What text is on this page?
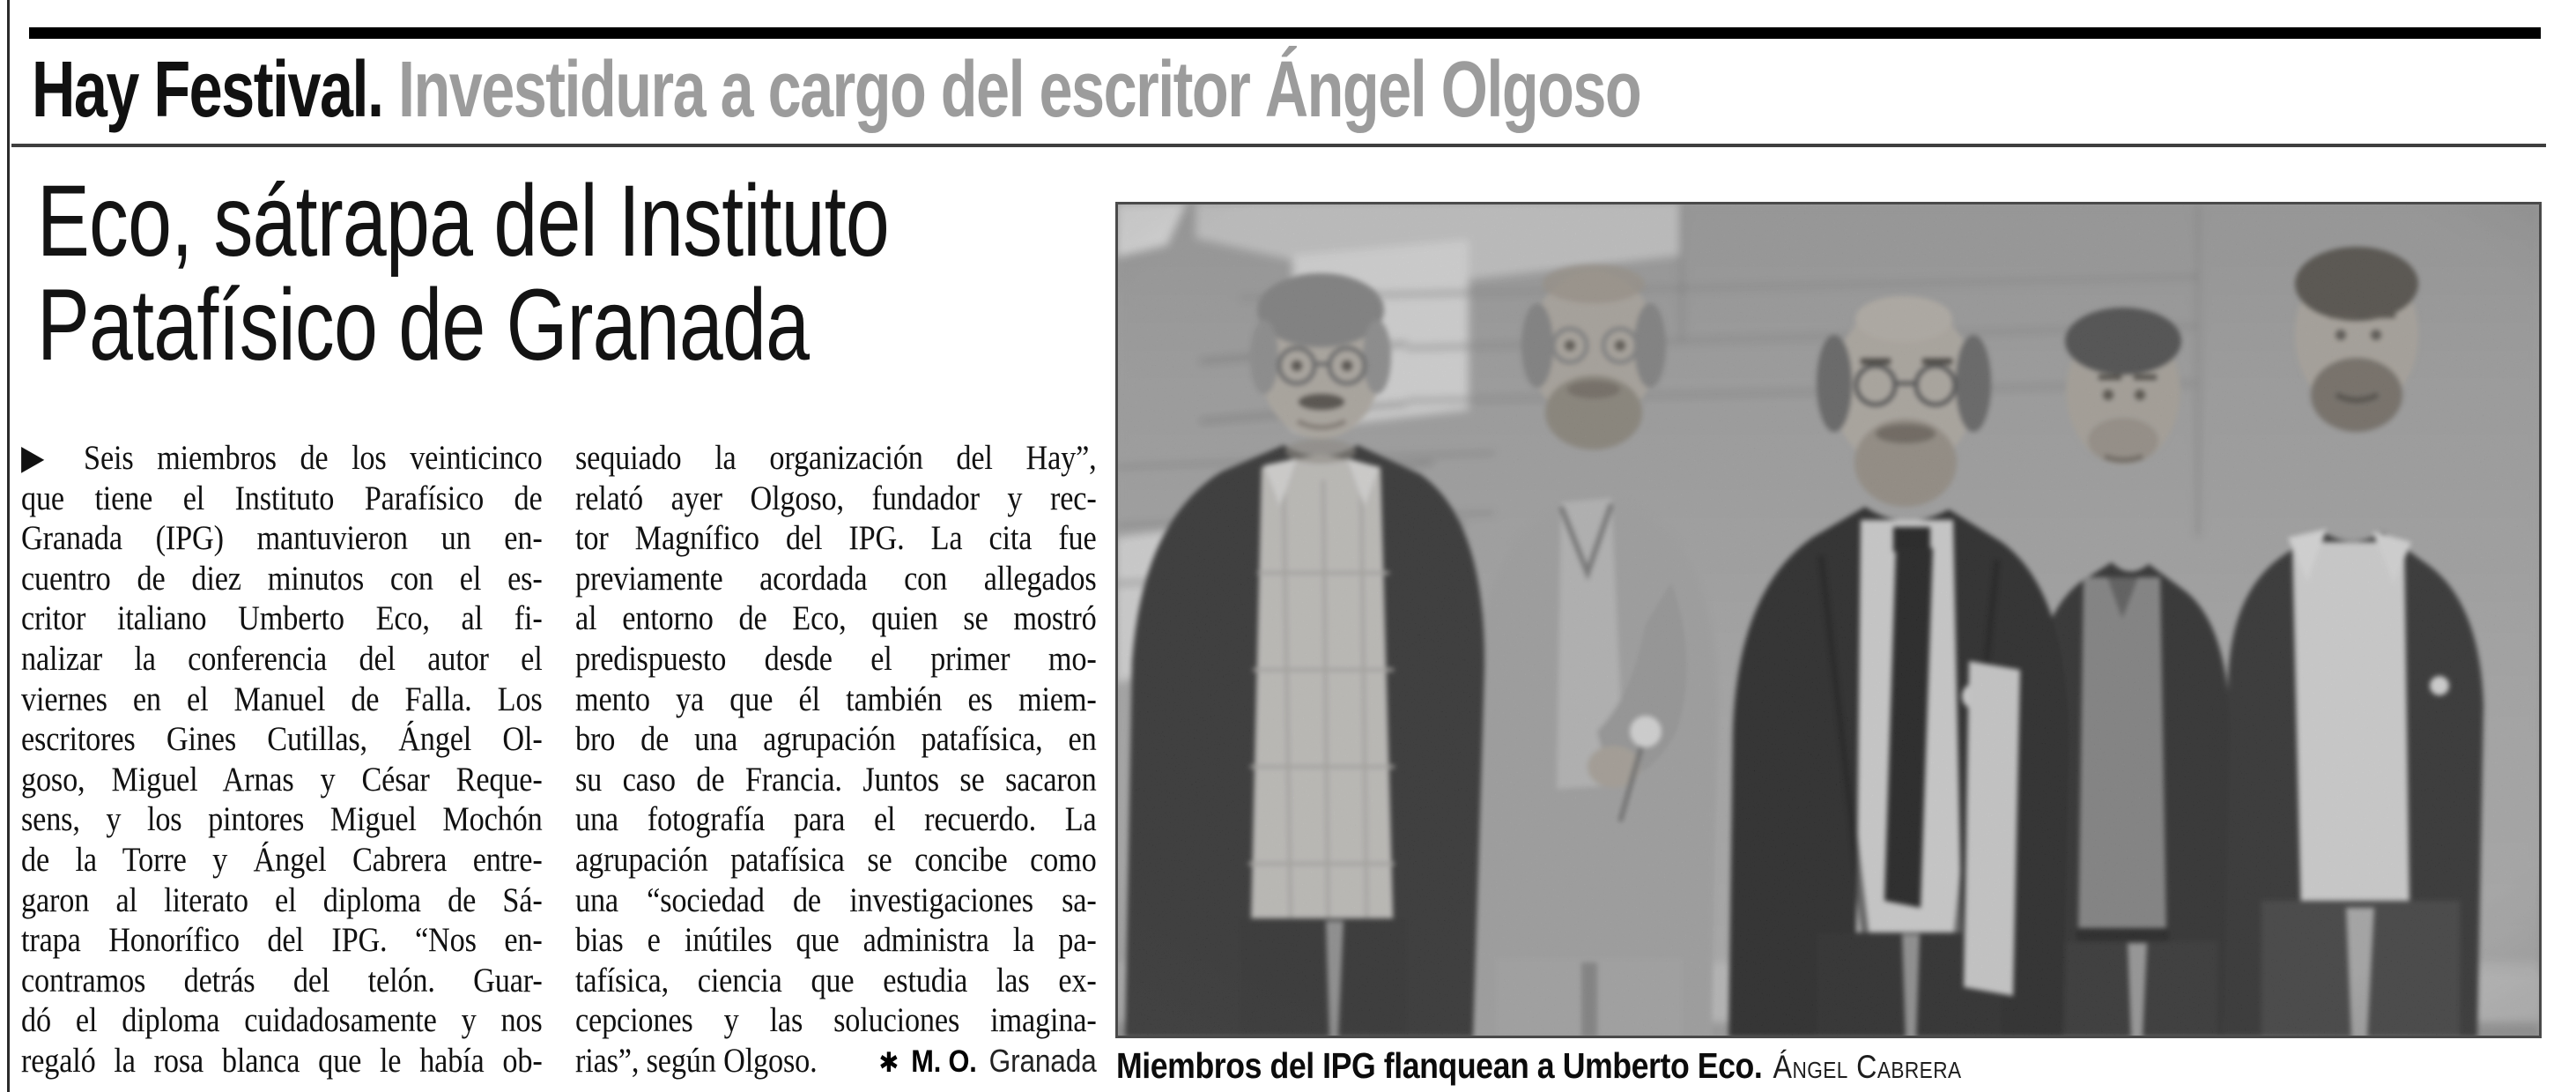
Hay Festival. Investidura a cargo del escritor Ángel Olgoso
Eco, sátrapa del Instituto
Patafísico de Granada
▶ Seis miembros de los veinticinco
que tiene el Instituto Parafísico de
Granada (IPG) mantuvieron un en-
cuentro de diez minutos con el es-
critor italiano Umberto Eco, al fi-
nalizar la conferencia del autor el
viernes en el Manuel de Falla. Los
escritores Gines Cutillas, Ángel Ol-
goso, Miguel Arnas y César Reque-
sens, y los pintores Miguel Mochón
de la Torre y Ángel Cabrera entre-
garon al literato el diploma de Sá-
trapa Honorífico del IPG. “Nos en-
contramos detrás del telón. Guar-
dó el diploma cuidadosamente y nos
regaló la rosa blanca que le había ob-
sequiado la organización del Hay”,
relató ayer Olgoso, fundador y rec-
tor Magnífico del IPG. La cita fue
previamente acordada con allegados
al entorno de Eco, quien se mostró
predispuesto desde el primer mo-
mento ya que él también es miem-
bro de una agrupación patafísica, en
su caso de Francia. Juntos se sacaron
una fotografía para el recuerdo. La
agrupación patafísica se concibe como
una “sociedad de investigaciones sa-
bias e inútiles que administra la pa-
tafísica, ciencia que estudia las ex-
cepciones y las soluciones imagina-
rias”, según Olgoso. ✱ M. O. Granada Miembros del IPG flanquean a Umberto Eco. Ángel Cabrera
